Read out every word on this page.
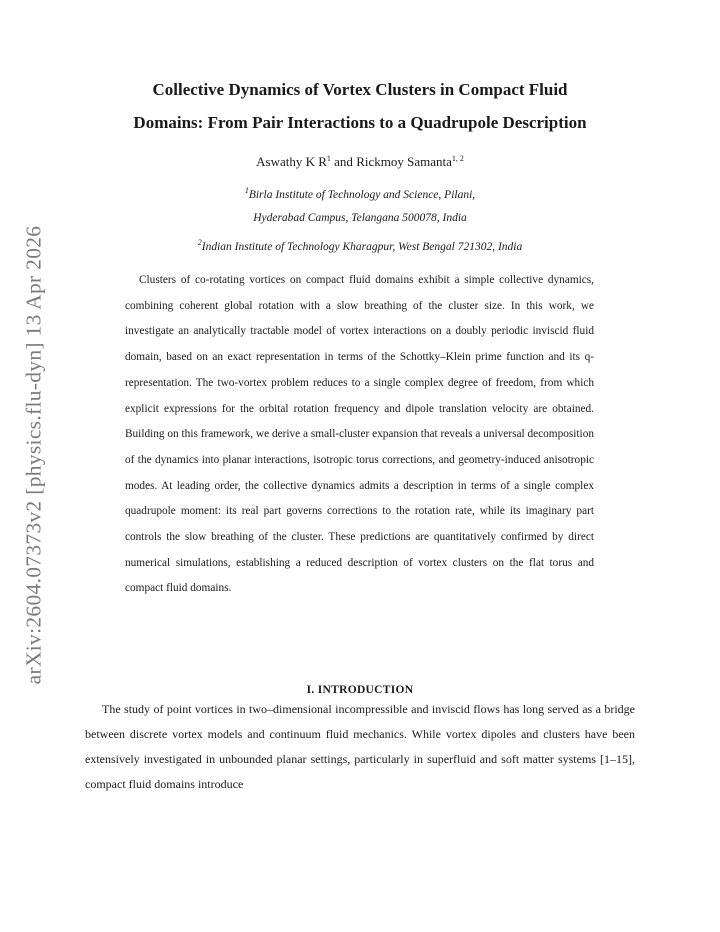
arXiv:2604.07373v2 [physics.flu-dyn] 13 Apr 2026
Collective Dynamics of Vortex Clusters in Compact Fluid
Domains: From Pair Interactions to a Quadrupole Description
Aswathy K $R^1$ and Rickmoy Samanta$^{1, 2}$
$^1$Birla Institute of Technology and Science, Pilani,
Hyderabad Campus, Telangana 500078, India
$^2$Indian Institute of Technology Kharagpur, West Bengal 721302, India

Clusters of co-rotating vortices on compact fluid domains exhibit a simple collective dynamics, combining coherent global rotation with a slow breathing of the cluster size. In this work, we investigate an analytically tractable model of vortex interactions on a doubly periodic inviscid fluid domain, based on an exact representation in terms of the Schottky–Klein prime function and its q-representation. The two-vortex problem reduces to a single complex degree of freedom, from which explicit expressions for the orbital rotation frequency and dipole translation velocity are obtained. Building on this framework, we derive a small-cluster expansion that reveals a universal decomposition of the dynamics into planar interactions, isotropic torus corrections, and geometry-induced anisotropic modes. At leading order, the collective dynamics admits a description in terms of a single complex quadrupole moment: its real part governs corrections to the rotation rate, while its imaginary part controls the slow breathing of the cluster. These predictions are quantitatively confirmed by direct numerical simulations, establishing a reduced description of vortex clusters on the flat torus and compact fluid domains.

I. INTRODUCTION

The study of point vortices in two–dimensional incompressible and inviscid flows has long served as a bridge between discrete vortex models and continuum fluid mechanics. While vortex dipoles and clusters have been extensively investigated in unbounded planar settings, particularly in superfluid and soft matter systems [1–15], compact fluid domains introduce
